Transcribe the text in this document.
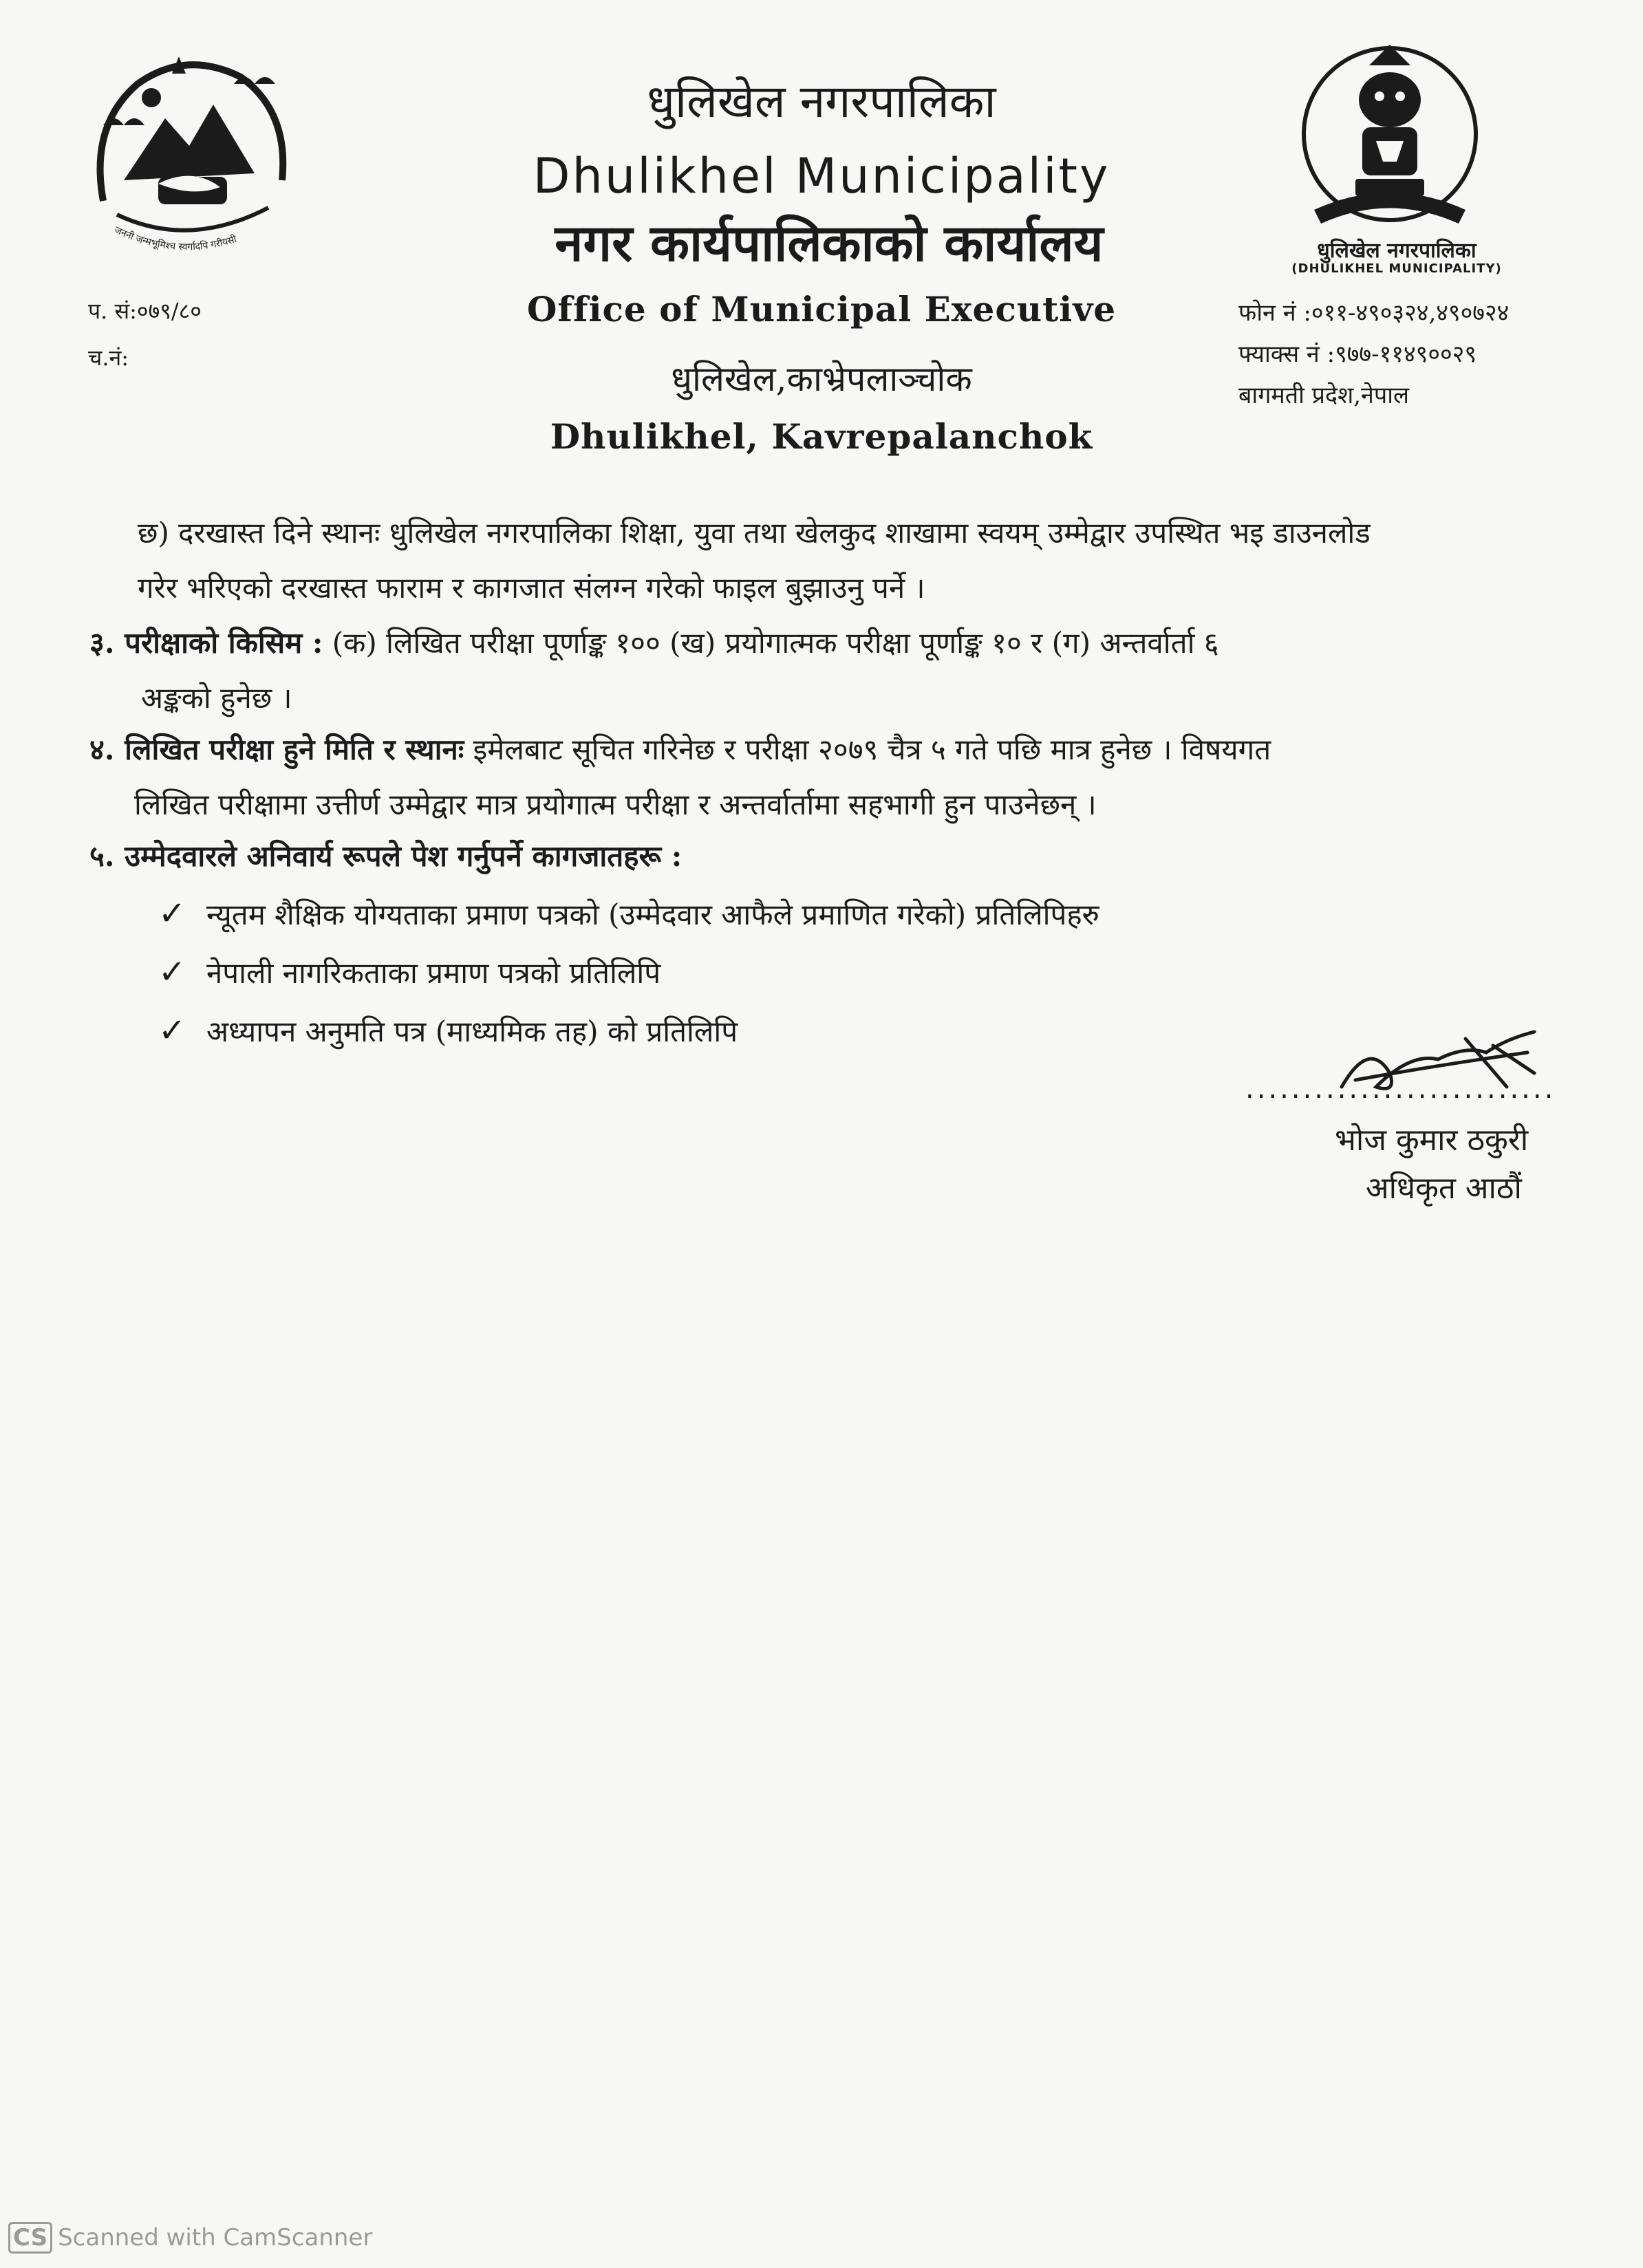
जननी जन्मभूमिश्च स्वर्गादपि गरीयसी	धुलिखेल नगरपालिका
(DHULIKHEL MUNICIPALITY)
धुलिखेल नगरपालिका
Dhulikhel Municipality
नगर कार्यपालिकाको कार्यालय
Office of Municipal Executive
धुलिखेल,काभ्रेपलाञ्चोक
Dhulikhel, Kavrepalanchok
प. सं:०७९/८०
च.नं:
फोन नं :०११-४९०३२४,४९०७२४
फ्याक्स नं :९७७-११४९००२९
बागमती प्रदेश,नेपाल
छ) दरखास्त दिने स्थानः धुलिखेल नगरपालिका शिक्षा, युवा तथा खेलकुद शाखामा स्वयम् उम्मेद्वार उपस्थित भइ डाउनलोड
गरेर भरिएको दरखास्त फाराम र कागजात संलग्न गरेको फाइल बुझाउनु पर्ने ।
३. परीक्षाको किसिम : (क) लिखित परीक्षा पूर्णाङ्क १०० (ख) प्रयोगात्मक परीक्षा पूर्णाङ्क १० र (ग) अन्तर्वार्ता ६
अङ्कको हुनेछ ।
४. लिखित परीक्षा हुने मिति र स्थानः इमेलबाट सूचित गरिनेछ र परीक्षा २०७९ चैत्र ५ गते पछि मात्र हुनेछ । विषयगत
लिखित परीक्षामा उत्तीर्ण उम्मेद्वार मात्र प्रयोगात्म परीक्षा र अन्तर्वार्तामा सहभागी हुन पाउनेछन् ।
५. उम्मेदवारले अनिवार्य रूपले पेश गर्नुपर्ने कागजातहरू :
✓ न्यूतम शैक्षिक योग्यताका प्रमाण पत्रको (उम्मेदवार आफैले प्रमाणित गरेको) प्रतिलिपिहरु
✓ नेपाली नागरिकताका प्रमाण पत्रको प्रतिलिपि
✓ अध्यापन अनुमति पत्र (माध्यमिक तह) को प्रतिलिपि
...........................
भोज कुमार ठकुरी
अधिकृत आठौं
CS Scanned with CamScanner
